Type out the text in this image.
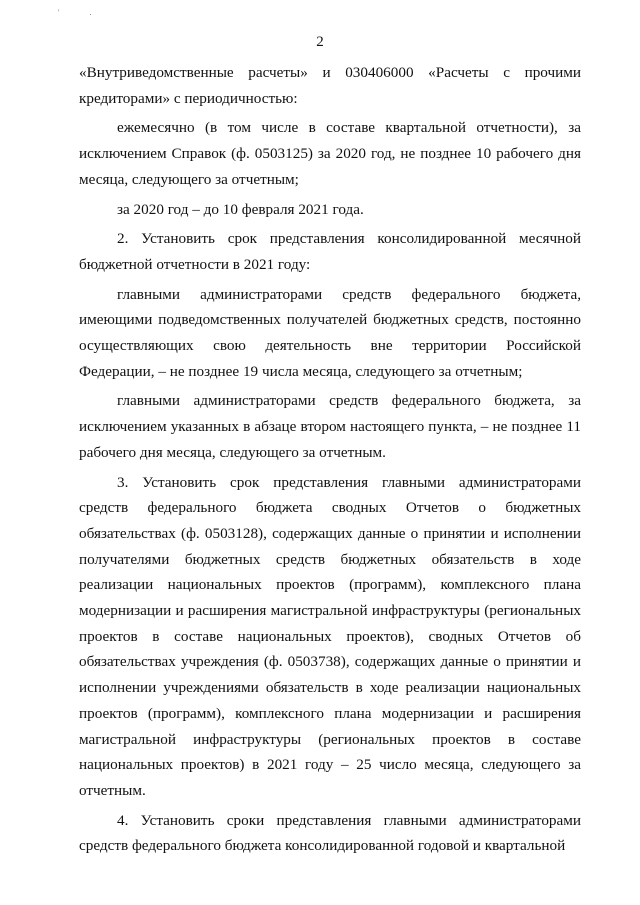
' .
2

«Внутриведомственные расчеты» и 030406000 «Расчеты с прочими кредиторами» с периодичностью:

ежемесячно (в том числе в составе квартальной отчетности), за исключением Справок (ф. 0503125) за 2020 год, не позднее 10 рабочего дня месяца, следующего за отчетным;

за 2020 год – до 10 февраля 2021 года.

2. Установить срок представления консолидированной месячной бюджетной отчетности в 2021 году:

главными администраторами средств федерального бюджета, имеющими подведомственных получателей бюджетных средств, постоянно осуществляющих свою деятельность вне территории Российской Федерации, – не позднее 19 числа месяца, следующего за отчетным;

главными администраторами средств федерального бюджета, за исключением указанных в абзаце втором настоящего пункта, – не позднее 11 рабочего дня месяца, следующего за отчетным.

3. Установить срок представления главными администраторами средств федерального бюджета сводных Отчетов о бюджетных обязательствах (ф. 0503128), содержащих данные о принятии и исполнении получателями бюджетных средств бюджетных обязательств в ходе реализации национальных проектов (программ), комплексного плана модернизации и расширения магистральной инфраструктуры (региональных проектов в составе национальных проектов), сводных Отчетов об обязательствах учреждения (ф. 0503738), содержащих данные о принятии и исполнении учреждениями обязательств в ходе реализации национальных проектов (программ), комплексного плана модернизации и расширения магистральной инфраструктуры (региональных проектов в составе национальных проектов) в 2021 году – 25 число месяца, следующего за отчетным.

4. Установить сроки представления главными администраторами средств федерального бюджета консолидированной годовой и квартальной
